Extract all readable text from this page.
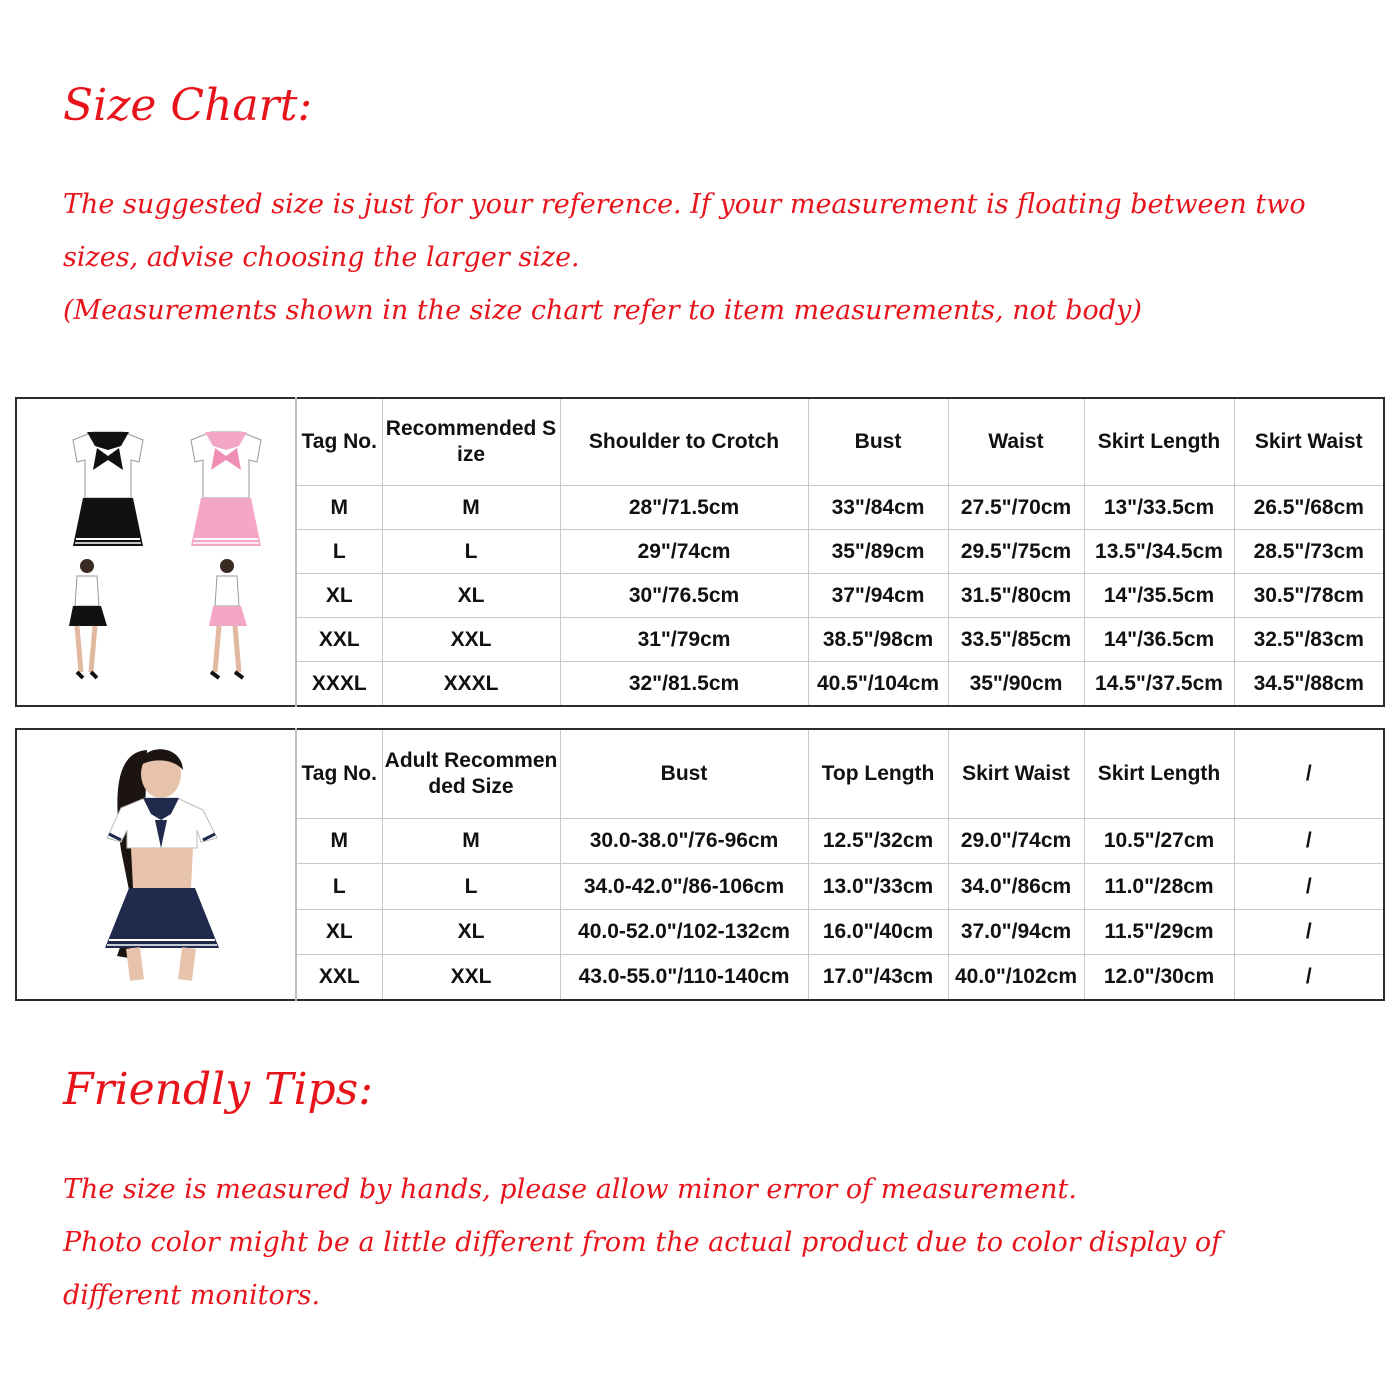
Size Chart:
The suggested size is just for your reference. If your measurement is floating between two
sizes, advise choosing the larger size.
(Measurements shown in the size chart refer to item measurements, not body)
	Tag No.	Recommended Size	Shoulder to Crotch	Bust	Waist	Skirt Length	Skirt Waist
	M	M	28"/71.5cm	33"/84cm	27.5"/70cm	13"/33.5cm	26.5"/68cm
	L	L	29"/74cm	35"/89cm	29.5"/75cm	13.5"/34.5cm	28.5"/73cm
	XL	XL	30"/76.5cm	37"/94cm	31.5"/80cm	14"/35.5cm	30.5"/78cm
	XXL	XXL	31"/79cm	38.5"/98cm	33.5"/85cm	14"/36.5cm	32.5"/83cm
	XXXL	XXXL	32"/81.5cm	40.5"/104cm	35"/90cm	14.5"/37.5cm	34.5"/88cm
	Tag No.	Adult Recommended Size	Bust	Top Length	Skirt Waist	Skirt Length	/
	M	M	30.0-38.0"/76-96cm	12.5"/32cm	29.0"/74cm	10.5"/27cm	/
	L	L	34.0-42.0"/86-106cm	13.0"/33cm	34.0"/86cm	11.0"/28cm	/
	XL	XL	40.0-52.0"/102-132cm	16.0"/40cm	37.0"/94cm	11.5"/29cm	/
	XXL	XXL	43.0-55.0"/110-140cm	17.0"/43cm	40.0"/102cm	12.0"/30cm	/
Friendly Tips:
The size is measured by hands, please allow minor error of measurement.
Photo color might be a little different from the actual product due to color display of
different monitors.
